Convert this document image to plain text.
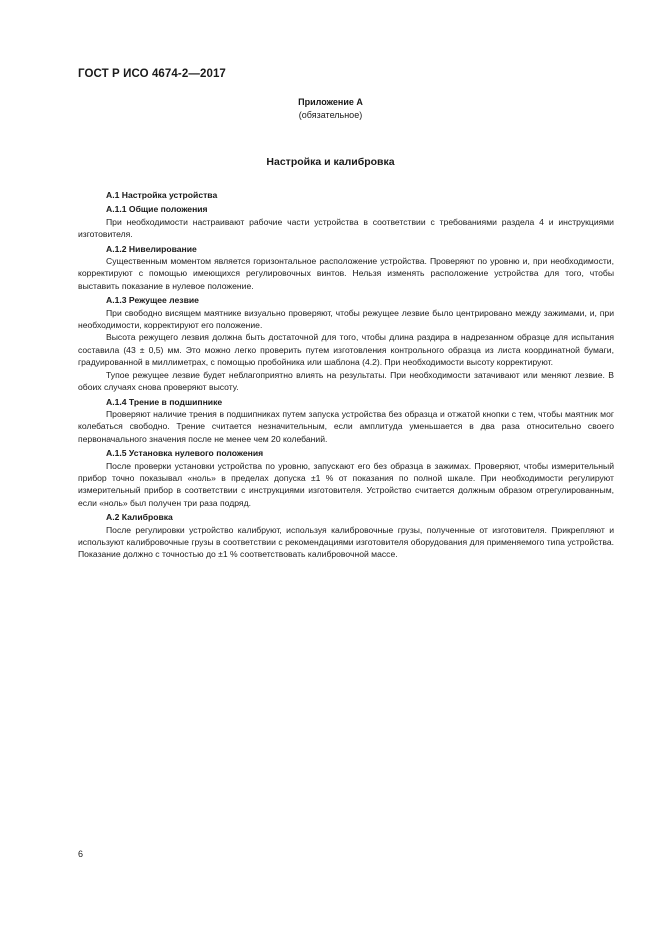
ГОСТ Р ИСО 4674-2—2017
Приложение А
(обязательное)
Настройка и калибровка

А.1 Настройка устройства

А.1.1 Общие положения

При необходимости настраивают рабочие части устройства в соответствии с требованиями раздела 4 и инструкциями изготовителя.

А.1.2 Нивелирование

Существенным моментом является горизонтальное расположение устройства. Проверяют по уровню и, при необходимости, корректируют с помощью имеющихся регулировочных винтов. Нельзя изменять расположение устройства для того, чтобы выставить показание в нулевое положение.

А.1.3 Режущее лезвие

При свободно висящем маятнике визуально проверяют, чтобы режущее лезвие было центрировано между зажимами, и, при необходимости, корректируют его положение.

Высота режущего лезвия должна быть достаточной для того, чтобы длина раздира в надрезанном образце для испытания составила (43 ± 0,5) мм. Это можно легко проверить путем изготовления контрольного образца из листа координатной бумаги, градуированной в миллиметрах, с помощью пробойника или шаблона (4.2). При необходимости высоту корректируют.

Тупое режущее лезвие будет неблагоприятно влиять на результаты. При необходимости затачивают или меняют лезвие. В обоих случаях снова проверяют высоту.

А.1.4 Трение в подшипнике

Проверяют наличие трения в подшипниках путем запуска устройства без образца и отжатой кнопки с тем, чтобы маятник мог колебаться свободно. Трение считается незначительным, если амплитуда уменьшается в два раза относительно своего первоначального значения после не менее чем 20 колебаний.

А.1.5 Установка нулевого положения

После проверки установки устройства по уровню, запускают его без образца в зажимах. Проверяют, чтобы измерительный прибор точно показывал «ноль» в пределах допуска ±1 % от показания по полной шкале. При необходимости регулируют измерительный прибор в соответствии с инструкциями изготовителя. Устройство считается должным образом отрегулированным, если «ноль» был получен три раза подряд.

А.2 Калибровка

После регулировки устройство калибруют, используя калибровочные грузы, полученные от изготовителя. Прикрепляют и используют калибровочные грузы в соответствии с рекомендациями изготовителя оборудования для применяемого типа устройства. Показание должно с точностью до ±1 % соответствовать калибровочной массе.

6
